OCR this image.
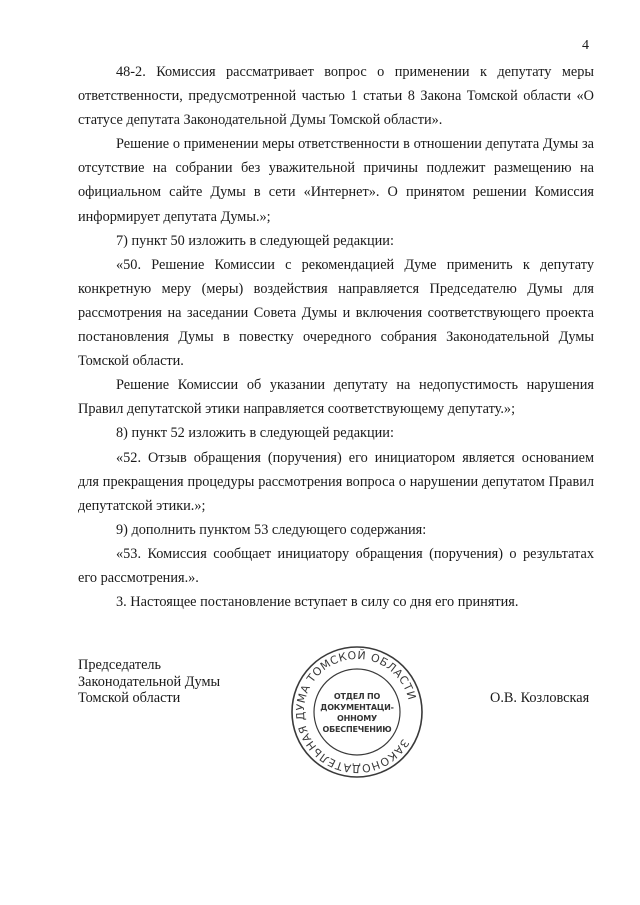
4

48-2. Комиссия рассматривает вопрос о применении к депутату меры ответственности, предусмотренной частью 1 статьи 8 Закона Томской области «О статусе депутата Законодательной Думы Томской области».

Решение о применении меры ответственности в отношении депутата Думы за отсутствие на собрании без уважительной причины подлежит размещению на официальном сайте Думы в сети «Интернет». О принятом решении Комиссия информирует депутата Думы.»;

7) пункт 50 изложить в следующей редакции:

«50. Решение Комиссии с рекомендацией Думе применить к депутату конкретную меру (меры) воздействия направляется Председателю Думы для рассмотрения на заседании Совета Думы и включения соответствующего проекта постановления Думы в повестку очередного собрания Законодательной Думы Томской области.

Решение Комиссии об указании депутату на недопустимость нарушения Правил депутатской этики направляется соответствующему депутату.»;

8) пункт 52 изложить в следующей редакции:

«52. Отзыв обращения (поручения) его инициатором является основанием для прекращения процедуры рассмотрения вопроса о нарушении депутатом Правил депутатской этики.»;

9) дополнить пунктом 53 следующего содержания:

«53. Комиссия сообщает инициатору обращения (поручения) о результатах его рассмотрения.».

3. Настоящее постановление вступает в силу со дня его принятия.

Председатель
Законодательной Думы
Томской области
ЗАКОНОДАТЕЛЬНАЯ ДУМА ТОМСКОЙ ОБЛАСТИ
ОТДЕЛ ПО
ДОКУМЕНТАЦИ-
ОННОМУ
ОБЕСПЕЧЕНИЮ
О.В. Козловская
